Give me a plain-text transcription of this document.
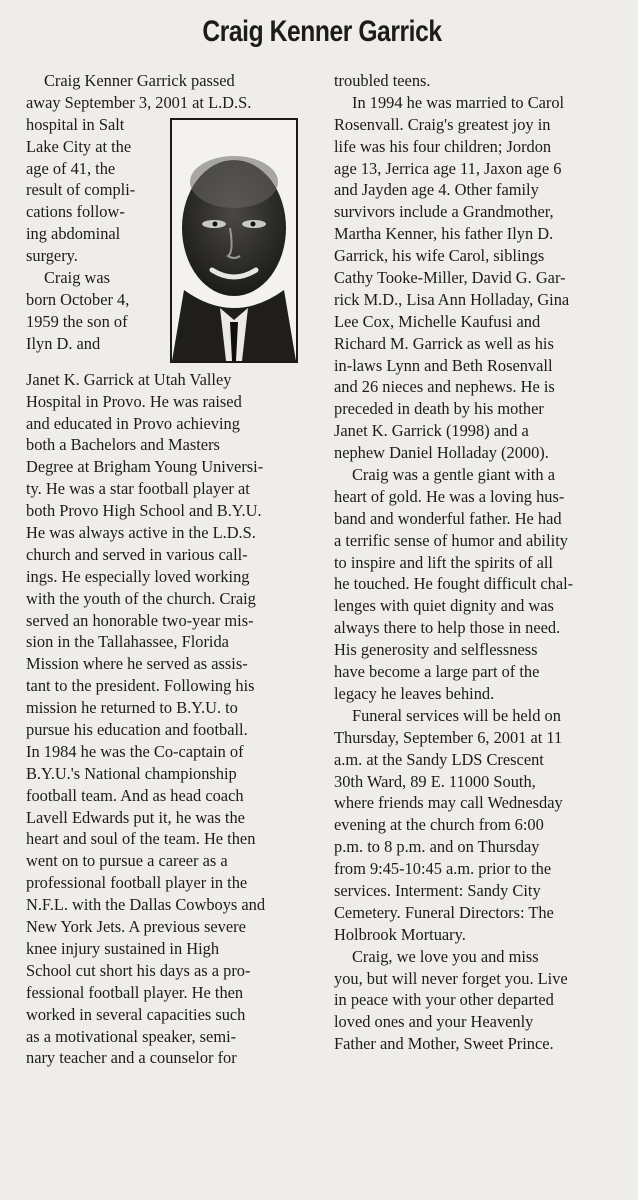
Craig Kenner Garrick
Craig Kenner Garrick passed
away September 3, 2001 at L.D.S.
hospital in Salt
Lake City at the
age of 41, the
result of compli-
cations follow-
ing abdominal
surgery.
Craig was
born October 4,
1959 the son of
Ilyn D. and
Janet K. Garrick at Utah Valley
Hospital in Provo. He was raised
and educated in Provo achieving
both a Bachelors and Masters
Degree at Brigham Young Universi-
ty. He was a star football player at
both Provo High School and B.Y.U.
He was always active in the L.D.S.
church and served in various call-
ings. He especially loved working
with the youth of the church. Craig
served an honorable two-year mis-
sion in the Tallahassee, Florida
Mission where he served as assis-
tant to the president. Following his
mission he returned to B.Y.U. to
pursue his education and football.
In 1984 he was the Co-captain of
B.Y.U.'s National championship
football team. And as head coach
Lavell Edwards put it, he was the
heart and soul of the team. He then
went on to pursue a career as a
professional football player in the
N.F.L. with the Dallas Cowboys and
New York Jets. A previous severe
knee injury sustained in High
School cut short his days as a pro-
fessional football player. He then
worked in several capacities such
as a motivational speaker, semi-
nary teacher and a counselor for
troubled teens.
In 1994 he was married to Carol
Rosenvall. Craig's greatest joy in
life was his four children; Jordon
age 13, Jerrica age 11, Jaxon age 6
and Jayden age 4. Other family
survivors include a Grandmother,
Martha Kenner, his father Ilyn D.
Garrick, his wife Carol, siblings
Cathy Tooke-Miller, David G. Gar-
rick M.D., Lisa Ann Holladay, Gina
Lee Cox, Michelle Kaufusi and
Richard M. Garrick as well as his
in-laws Lynn and Beth Rosenvall
and 26 nieces and nephews. He is
preceded in death by his mother
Janet K. Garrick (1998) and a
nephew Daniel Holladay (2000).
Craig was a gentle giant with a
heart of gold. He was a loving hus-
band and wonderful father. He had
a terrific sense of humor and ability
to inspire and lift the spirits of all
he touched. He fought difficult chal-
lenges with quiet dignity and was
always there to help those in need.
His generosity and selflessness
have become a large part of the
legacy he leaves behind.
Funeral services will be held on
Thursday, September 6, 2001 at 11
a.m. at the Sandy LDS Crescent
30th Ward, 89 E. 11000 South,
where friends may call Wednesday
evening at the church from 6:00
p.m. to 8 p.m. and on Thursday
from 9:45-10:45 a.m. prior to the
services. Interment: Sandy City
Cemetery. Funeral Directors: The
Holbrook Mortuary.
Craig, we love you and miss
you, but will never forget you. Live
in peace with your other departed
loved ones and your Heavenly
Father and Mother, Sweet Prince.
